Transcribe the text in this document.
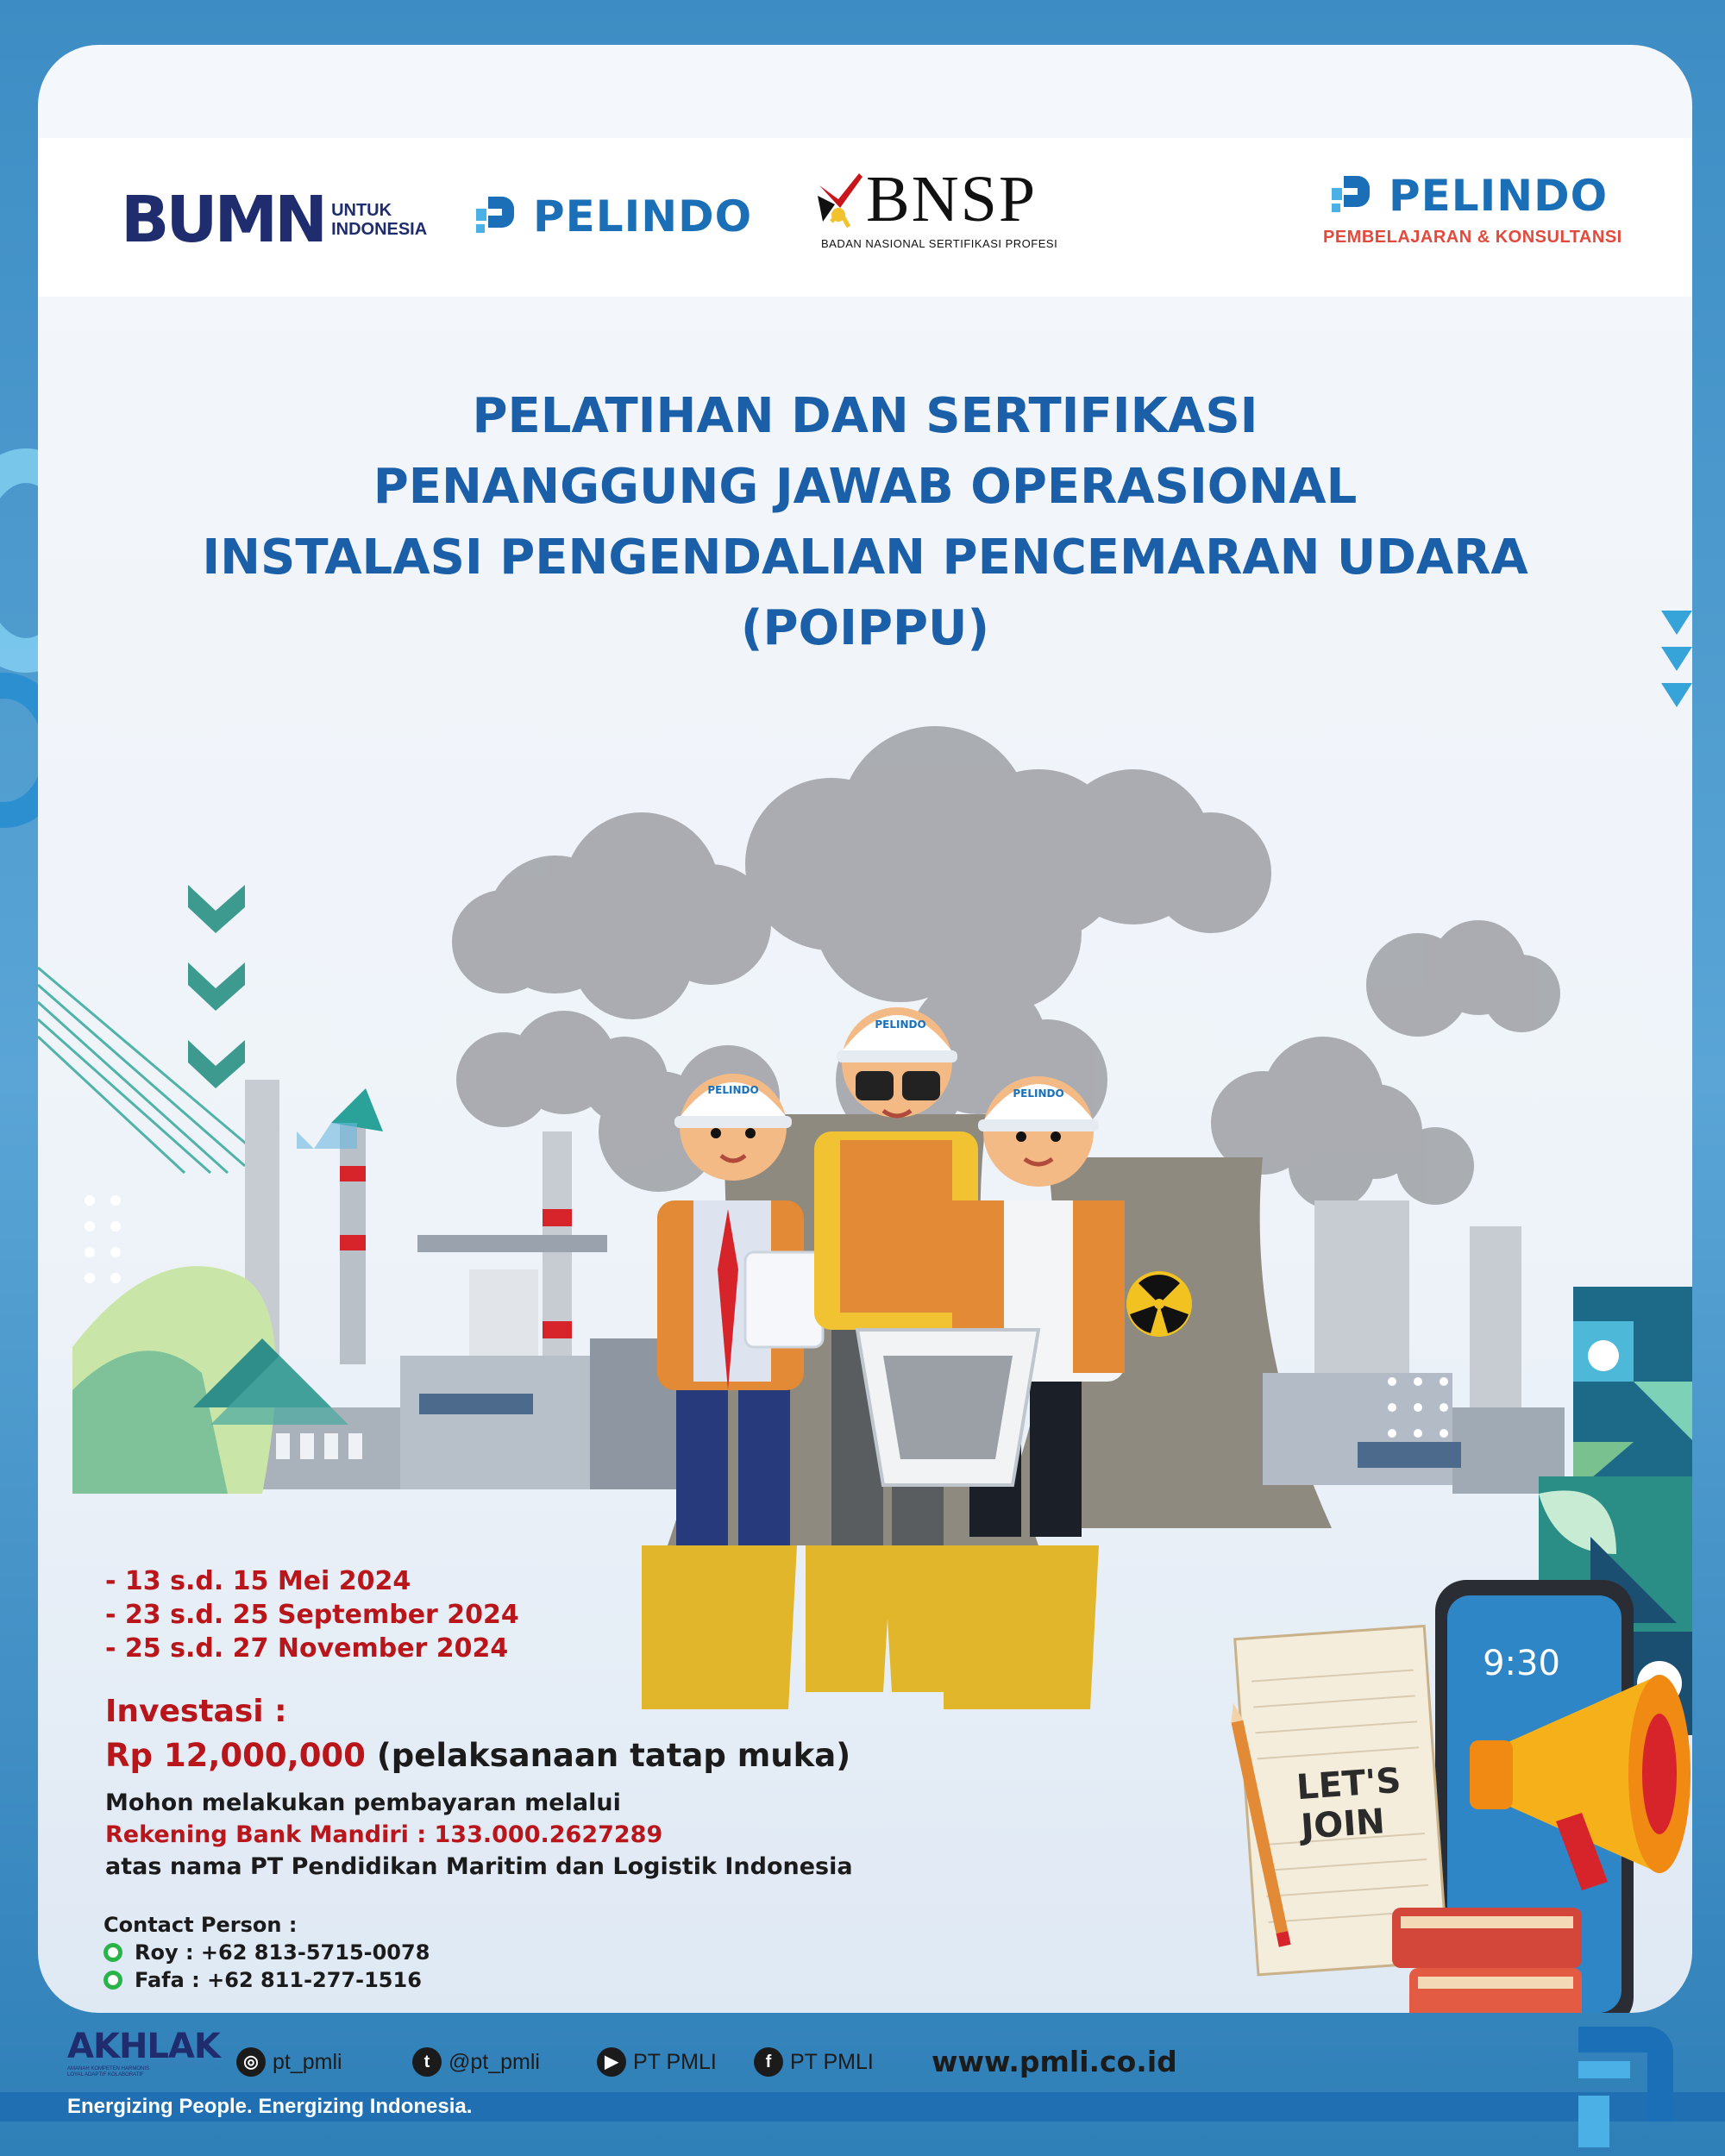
BUMN UNTUK
INDONESIA PELINDO BNSP
BADAN NASIONAL SERTIFIKASI PROFESI
PELINDO
PEMBELAJARAN & KONSULTANSI
PELATIHAN DAN SERTIFIKASI
PENANGGUNG JAWAB OPERASIONAL
INSTALASI PENGENDALIAN PENCEMARAN UDARA
(POIPPU)
PELINDO
PELINDO
PELINDO
9:30
LET'S
JOIN
- 13 s.d. 15 Mei 2024
- 23 s.d. 25 September 2024
- 25 s.d. 27 November 2024
Investasi :
Rp 12,000,000 (pelaksanaan tatap muka)
Mohon melakukan pembayaran melalui
Rekening Bank Mandiri : 133.000.2627289
atas nama PT Pendidikan Maritim dan Logistik Indonesia
Contact Person :
Roy : +62 813-5715-0078
Fafa : +62 811-277-1516
AKHLAK
AMANAH KOMPETEN HARMONIS
LOYAL ADAPTIF KOLABORATIF
◎ pt_pmli	t @pt_pmli	▶ PT PMLI	f PT PMLI www.pmli.co.id
Energizing People. Energizing Indonesia.
